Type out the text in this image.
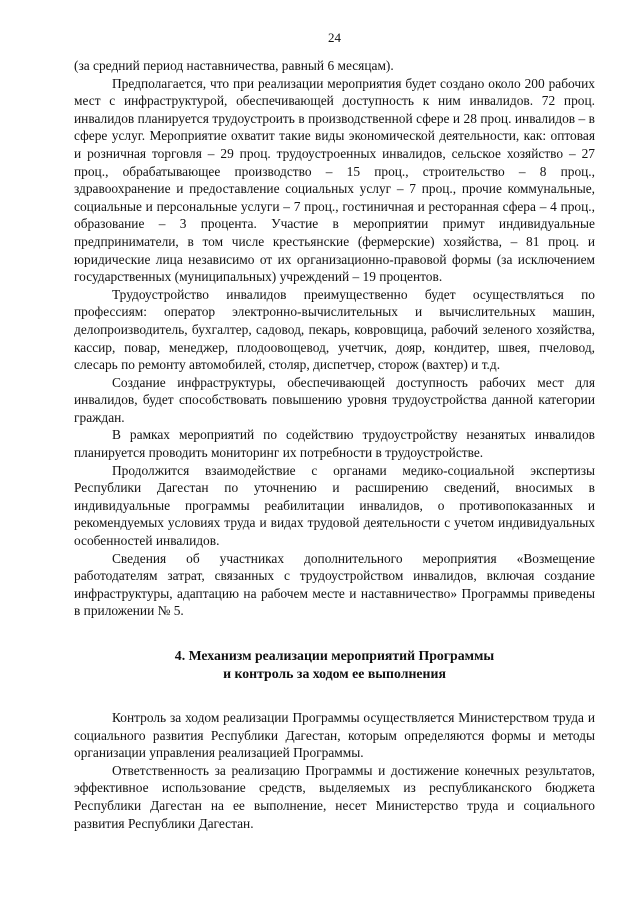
24

(за средний период наставничества, равный 6 месяцам).

Предполагается, что при реализации мероприятия будет создано около 200 рабочих мест с инфраструктурой, обеспечивающей доступность к ним инвалидов. 72 проц. инвалидов планируется трудоустроить в производственной сфере и 28 проц. инвалидов – в сфере услуг. Мероприятие охватит такие виды экономической деятельности, как: оптовая и розничная торговля – 29 проц. трудоустроенных инвалидов, сельское хозяйство – 27 проц., обрабатывающее производство – 15 проц., строительство – 8 проц., здравоохранение и предоставление социальных услуг – 7 проц., прочие коммунальные, социальные и персональные услуги – 7 проц., гостиничная и ресторанная сфера – 4 проц., образование – 3 процента. Участие в мероприятии примут индивидуальные предприниматели, в том числе крестьянские (фермерские) хозяйства, – 81 проц. и юридические лица независимо от их организационно-правовой формы (за исключением государственных (муниципальных) учреждений – 19 процентов.

Трудоустройство инвалидов преимущественно будет осуществляться по профессиям: оператор электронно-вычислительных и вычислительных машин, делопроизводитель, бухгалтер, садовод, пекарь, ковровщица, рабочий зеленого хозяйства, кассир, повар, менеджер, плодоовощевод, учетчик, дояр, кондитер, швея, пчеловод, слесарь по ремонту автомобилей, столяр, диспетчер, сторож (вахтер) и т.д.

Создание инфраструктуры, обеспечивающей доступность рабочих мест для инвалидов, будет способствовать повышению уровня трудоустройства данной категории граждан.

В рамках мероприятий по содействию трудоустройству незанятых инвалидов планируется проводить мониторинг их потребности в трудоустройстве.

Продолжится взаимодействие с органами медико-социальной экспертизы Республики Дагестан по уточнению и расширению сведений, вносимых в индивидуальные программы реабилитации инвалидов, о противопоказанных и рекомендуемых условиях труда и видах трудовой деятельности с учетом индивидуальных особенностей инвалидов.

Сведения об участниках дополнительного мероприятия «Возмещение работодателям затрат, связанных с трудоустройством инвалидов, включая создание инфраструктуры, адаптацию на рабочем месте и наставничество» Программы приведены в приложении № 5.

4. Механизм реализации мероприятий Программы
и контроль за ходом ее выполнения

Контроль за ходом реализации Программы осуществляется Министерством труда и социального развития Республики Дагестан, которым определяются формы и методы организации управления реализацией Программы.

Ответственность за реализацию Программы и достижение конечных результатов, эффективное использование средств, выделяемых из республиканского бюджета Республики Дагестан на ее выполнение, несет Министерство труда и социального развития Республики Дагестан.
